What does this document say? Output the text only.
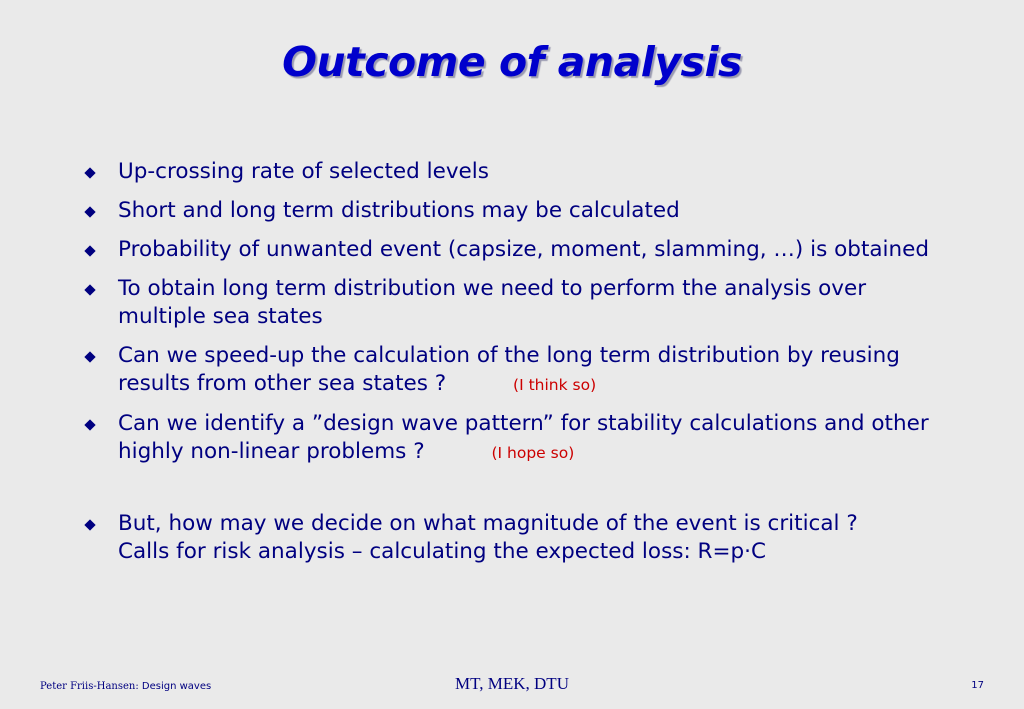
Outcome of analysis
Up-crossing rate of selected levels
Short and long term distributions may be calculated
Probability of unwanted event (capsize, moment, slamming, …) is obtained
To obtain long term distribution we need to perform the analysis over multiple sea states
Can we speed-up the calculation of the long term distribution by reusing results from other sea states ?	(I think so)
Can we identify a ”design wave pattern” for stability calculations and other highly non-linear problems ?	(I hope so)
But, how may we decide on what magnitude of the event is critical ?
Calls for risk analysis – calculating the expected loss: R=p·C
Peter Friis-Hansen: Design waves	MT, MEK, DTU	17
